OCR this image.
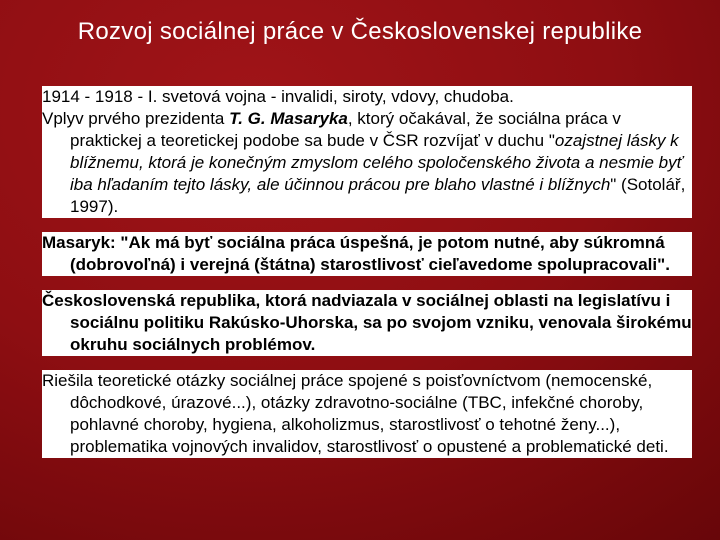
Rozvoj sociálnej práce v Československej republike

1914 - 1918 - I. svetová vojna - invalidi, siroty, vdovy, chudoba.

Vplyv prvého prezidenta T. G. Masaryka, ktorý očakával, že sociálna práca v praktickej a teoretickej podobe sa bude v ČSR rozvíjať v duchu "ozajstnej lásky k blížnemu, ktorá je konečným zmyslom celého spoločenského života a nesmie byť iba hľadaním tejto lásky, ale účinnou prácou pre blaho vlastné i blížnych" (Sotolář, 1997).

Masaryk: "Ak má byť sociálna práca úspešná, je potom nutné, aby súkromná (dobrovoľná) i verejná (štátna) starostlivosť cieľavedome spolupracovali".

Československá republika, ktorá nadviazala v sociálnej oblasti na legislatívu i sociálnu politiku Rakúsko-Uhorska, sa po svojom vzniku, venovala širokému okruhu sociálnych problémov.

Riešila teoretické otázky sociálnej práce spojené s poisťovníctvom (nemocenské, dôchodkové, úrazové...), otázky zdravotno-sociálne (TBC, infekčné choroby, pohlavné choroby, hygiena, alkoholizmus, starostlivosť o tehotné ženy...), problematika vojnových invalidov, starostlivosť o opustené a problematické deti.
